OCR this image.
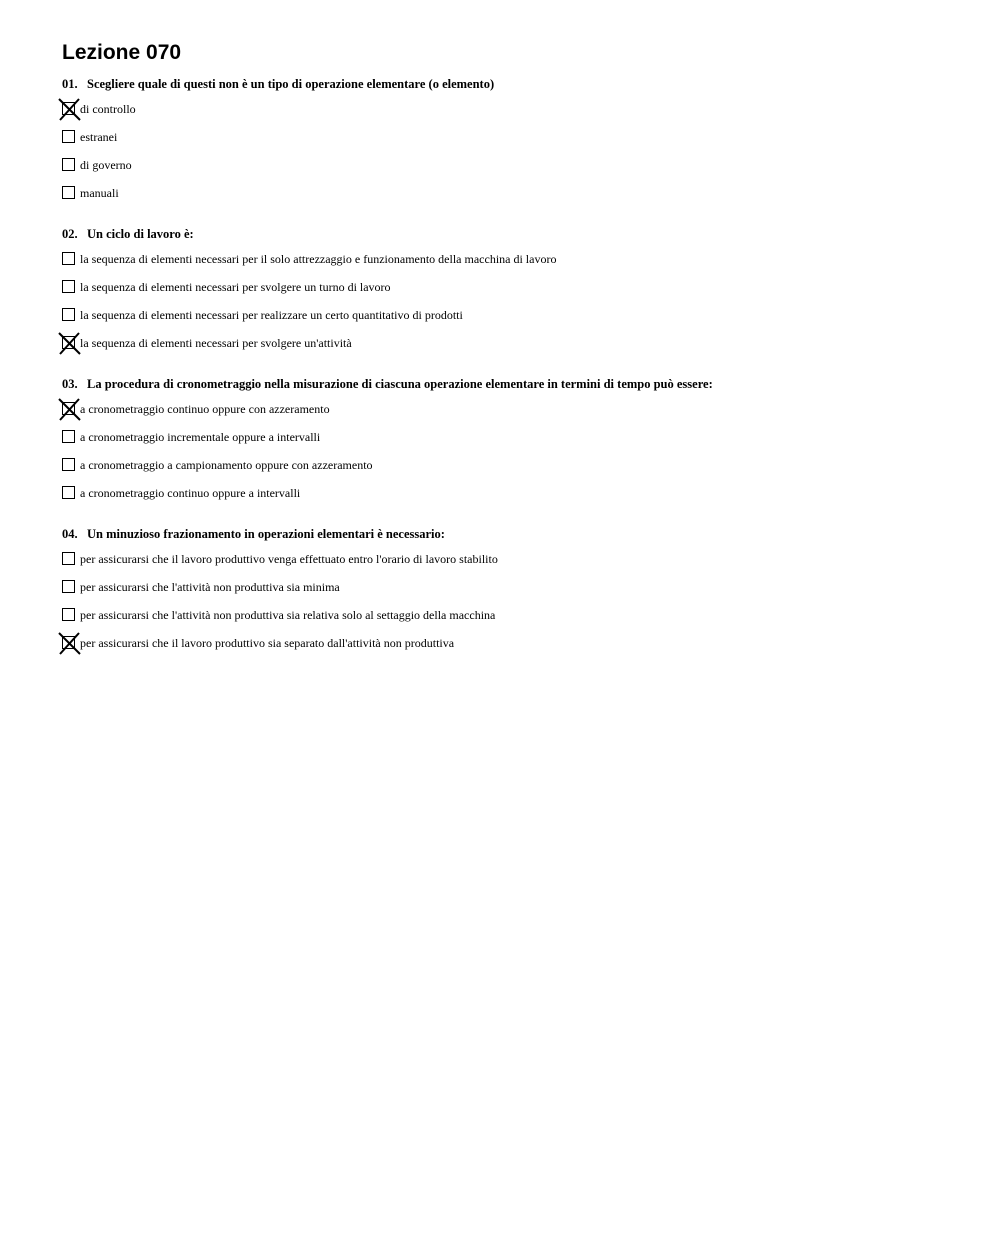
Lezione 070
01. Scegliere quale di questi non è un tipo di operazione elementare (o elemento)
di controllo
estranei
di governo
manuali
02. Un ciclo di lavoro è:
la sequenza di elementi necessari per il solo attrezzaggio e funzionamento della macchina di lavoro
la sequenza di elementi necessari per svolgere un turno di lavoro
la sequenza di elementi necessari per realizzare un certo quantitativo di prodotti
la sequenza di elementi necessari per svolgere un'attività
03. La procedura di cronometraggio nella misurazione di ciascuna operazione elementare in termini di tempo può essere:
a cronometraggio continuo oppure con azzeramento
a cronometraggio incrementale oppure a intervalli
a cronometraggio a campionamento oppure con azzeramento
a cronometraggio continuo oppure a intervalli
04. Un minuzioso frazionamento in operazioni elementari è necessario:
per assicurarsi che il lavoro produttivo venga effettuato entro l'orario di lavoro stabilito
per assicurarsi che l'attività non produttiva sia minima
per assicurarsi che l'attività non produttiva sia relativa solo al settaggio della macchina
per assicurarsi che il lavoro produttivo sia separato dall'attività non produttiva
